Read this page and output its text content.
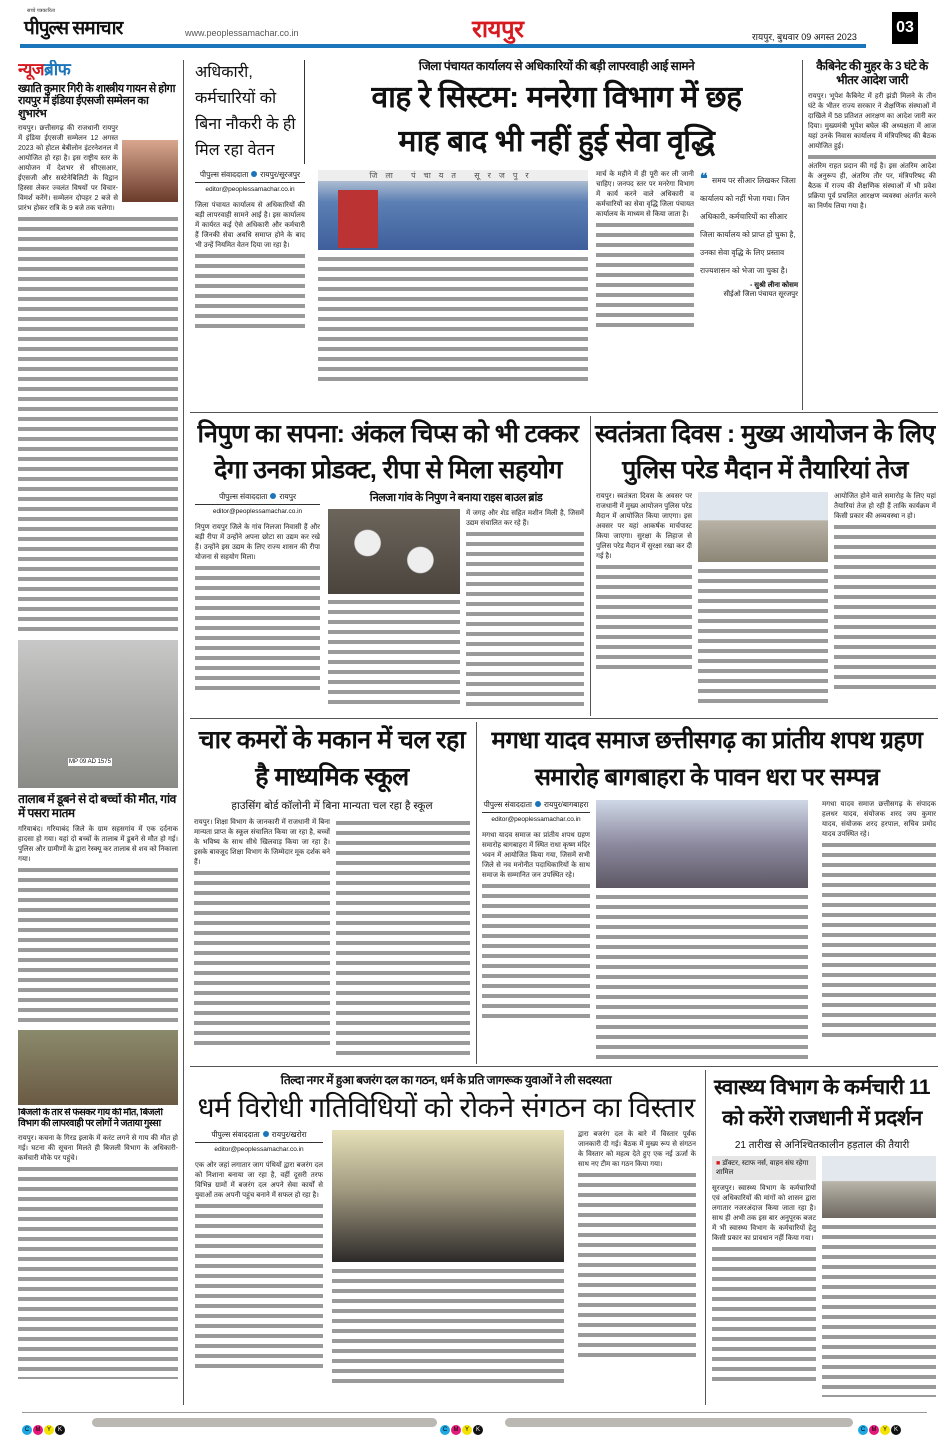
सच्चे पत्रकारिता
पीपुल्स समाचार	www.peoplessamachar.co.in	रायपुर	रायपुर, बुधवार 09 अगस्त 2023
03
न्यूजब्रीफ
ख्याति कुमार गिरी के शास्त्रीय गायन से होगा रायपुर में इंडिया ईएसजी सम्मेलन का शुभारंभ
रायपुर। छत्तीसगढ़ की राजधानी रायपुर में इंडिया ईएसजी सम्मेलन 12 अगस्त 2023 को होटल बेबीलोन इंटरनेशनल में आयोजित हो रहा है। इस राष्ट्रीय स्तर के आयोजन में देशभर से सीएसआर, ईएसजी और सस्टेनेबिलिटी के विद्वान हिस्सा लेकर ज्वलंत विषयों पर विचार-विमर्श करेंगे। सम्मेलन दोपहर 2 बजे से प्रारंभ होकर रात्रि के 9 बजे तक चलेगा।
MP 09 AD 1575
तालाब में डूबने से दो बच्चों की मौत, गांव में पसरा मातम
गरियाबंद। गरियाबंद जिले के ग्राम सहसगांव में एक दर्दनाक हादसा हो गया। यहां दो बच्चों के तालाब में डूबने से मौत हो गई। पुलिस और ग्रामीणों के द्वारा रेस्क्यू कर तालाब से शव को निकाला गया।
बिजली के तार से फंसकर गाय की मौत, बिजली विभाग की लापरवाही पर लोगों ने जताया गुस्सा
रायपुर। कचना के गिरड इलाके में करंट लगने से गाय की मौत हो गई। घटना की सूचना मिलते ही बिजली विभाग के अधिकारी-कर्मचारी मौके पर पहुंचे।
अधिकारी, कर्मचारियों को बिना नौकरी के ही मिल रहा वेतन
जिला पंचायत कार्यालय से अधिकारियों की बड़ी लापरवाही आई सामने
वाह रे सिस्टम: मनरेगा विभाग में छह
माह बाद भी नहीं हुई सेवा वृद्धि
पीपुल्स संवाददाता रायपुर/सूरजपुर
editor@peoplessamachar.co.in
जिला पंचायत कार्यालय से अधिकारियों की बड़ी लापरवाही सामने आई है। इस कार्यालय में कार्यरत कई ऐसे अधिकारी और कर्मचारी हैं जिनकी सेवा अवधि समाप्त होने के बाद भी उन्हें नियमित वेतन दिया जा रहा है।
जिला पंचायत सूरजपुर	मार्च के महीने में ही पूरी कर ली जानी चाहिए। जनपद स्तर पर मनरेगा विभाग में कार्य करने वाले अधिकारी व कर्मचारियों का सेवा वृद्धि जिला पंचायत कार्यालय के माध्यम से किया जाता है।
❝ समय पर सीआर लिखकर जिला कार्यालय को नहीं भेजा गया। जिन अधिकारी, कर्मचारियों का सीआर जिला कार्यालय को प्राप्त हो चुका है, उनका सेवा वृद्धि के लिए प्रस्ताव राज्यशासन को भेजा जा चुका है।
- सुश्री लीना कोसम
सीईओ जिला पंचायत सूरजपुर
कैबिनेट की मुहर के 3 घंटे के भीतर आदेश जारी
रायपुर। भूपेश कैबिनेट में हरी झंडी मिलने के तीन घंटे के भीतर राज्य सरकार ने शैक्षणिक संस्थाओं में दाखिले में 58 प्रतिशत आरक्षण का आदेश जारी कर दिया। मुख्यमंत्री भूपेश बघेल की अध्यक्षता में आज यहां उनके निवास कार्यालय में मंत्रिपरिषद की बैठक आयोजित हुई।
अंतरिम राहत प्रदान की गई है। इस अंतरिम आदेश के अनुरूप ही, अंतरिम तौर पर, मंत्रिपरिषद की बैठक में राज्य की शैक्षणिक संस्थाओं में भी प्रवेश प्रक्रिया पूर्व प्रचलित आरक्षण व्यवस्था अंतर्गत करने का निर्णय लिया गया है।
निपुण का सपना: अंकल चिप्स को भी टक्कर देगा उनका प्रोडक्ट, रीपा से मिला सहयोग
पीपुल्स संवाददाता रायपुर
editor@peoplessamachar.co.in
निपुण रायपुर जिले के गांव निलजा निवासी हैं और बड़ी रीपा में उन्होंने अपना छोटा सा उद्यम कर रखे हैं। उन्होंने इस उद्यम के लिए राज्य शासन की रीपा योजना से सहयोग मिला।
निलजा गांव के निपुण ने बनाया राइस बाउल ब्रांड
में जगह और शेड सहित मशीन मिली है, जिसमें उद्यम संचालित कर रहे हैं।
स्वतंत्रता दिवस : मुख्य आयोजन के लिए पुलिस परेड मैदान में तैयारियां तेज
रायपुर। स्वतंत्रता दिवस के अवसर पर राजधानी में मुख्य आयोजन पुलिस परेड मैदान में आयोजित किया जाएगा। इस अवसर पर यहां आकर्षक मार्चपास्ट किया जाएगा। सुरक्षा के लिहाज से पुलिस परेड मैदान में सुरक्षा रखा कर दी गई है।
आयोजित होने वाले समारोह के लिए यहां तैयारियां तेज हो रही हैं ताकि कार्यक्रम में किसी प्रकार की अव्यवस्था न हो।
चार कमरों के मकान में चल रहा है माध्यमिक स्कूल
हाउसिंग बोर्ड कॉलोनी में बिना मान्यता चल रहा है स्कूल
रायपुर। शिक्षा विभाग के जानकारी में राजधानी में बिना मान्यता प्राप्त के स्कूल संचालित किया जा रहा है, बच्चों के भविष्य के साथ सीधे खिलवाड़ किया जा रहा है। इसके बावजूद शिक्षा विभाग के जिम्मेदार मूक दर्शक बने हैं।
मगधा यादव समाज छत्तीसगढ़ का प्रांतीय शपथ ग्रहण समारोह बागबाहरा के पावन धरा पर सम्पन्न
पीपुल्स संवाददाता रायपुर/बागबाहरा
editor@peoplessamachar.co.in
मगधा यादव समाज का प्रांतीय शपथ ग्रहण समारोह बागबाहरा में स्थित राधा कृष्ण मंदिर भवन में आयोजित किया गया, जिसमें सभी जिले से नव मनोनीत पदाधिकारियों के साथ समाज के सम्मानित जन उपस्थित रहे।
मगधा यादव समाज छत्तीसगढ़ के संपादक हलधर यादव, संयोजक शरद जय कुमार यादव, संयोजक शरद हरपाल, सचिव प्रमोद यादव उपस्थित रहे।
तिल्दा नगर में हुआ बजरंग दल का गठन, धर्म के प्रति जागरूक युवाओं ने ली सदस्यता
धर्म विरोधी गतिविधियों को रोकने संगठन का विस्तार
पीपुल्स संवाददाता रायपुर/खरोरा
editor@peoplessamachar.co.in
एक ओर जहां लगातार जाग पंथियों द्वारा बजरंग दल को निशाना बनाया जा रहा है, वहीं दूसरी तरफ विभिन्न ग्रामों में बजरंग दल अपने सेवा कार्यों से युवाओं तक अपनी पहुंच बनाने में सफल हो रहा है।
द्वारा बजरंग दल के बारे में विस्तार पूर्वक जानकारी दी गई। बैठक में मुख्य रूप से संगठन के विस्तार को महत्व देते हुए एक नई ऊर्जा के साथ नए टीम का गठन किया गया।
स्वास्थ्य विभाग के कर्मचारी 11 को करेंगे राजधानी में प्रदर्शन
21 तारीख से अनिश्चितकालीन हड़ताल की तैयारी
■ डॉक्टर, स्टाफ नर्स, वाहन संघ रहेगा शामिल
सूरजपुर। स्वास्थ्य विभाग के कर्मचारियों एवं अधिकारियों की मांगों को शासन द्वारा लगातार नजरअंदाज किया जाता रहा है। साथ ही अभी तक इस बार अनुपूरक बजट में भी स्वास्थ्य विभाग के कर्मचारियों हेतु किसी प्रकार का प्रावधान नहीं किया गया।
C M Y K	C M Y K	C M Y K
